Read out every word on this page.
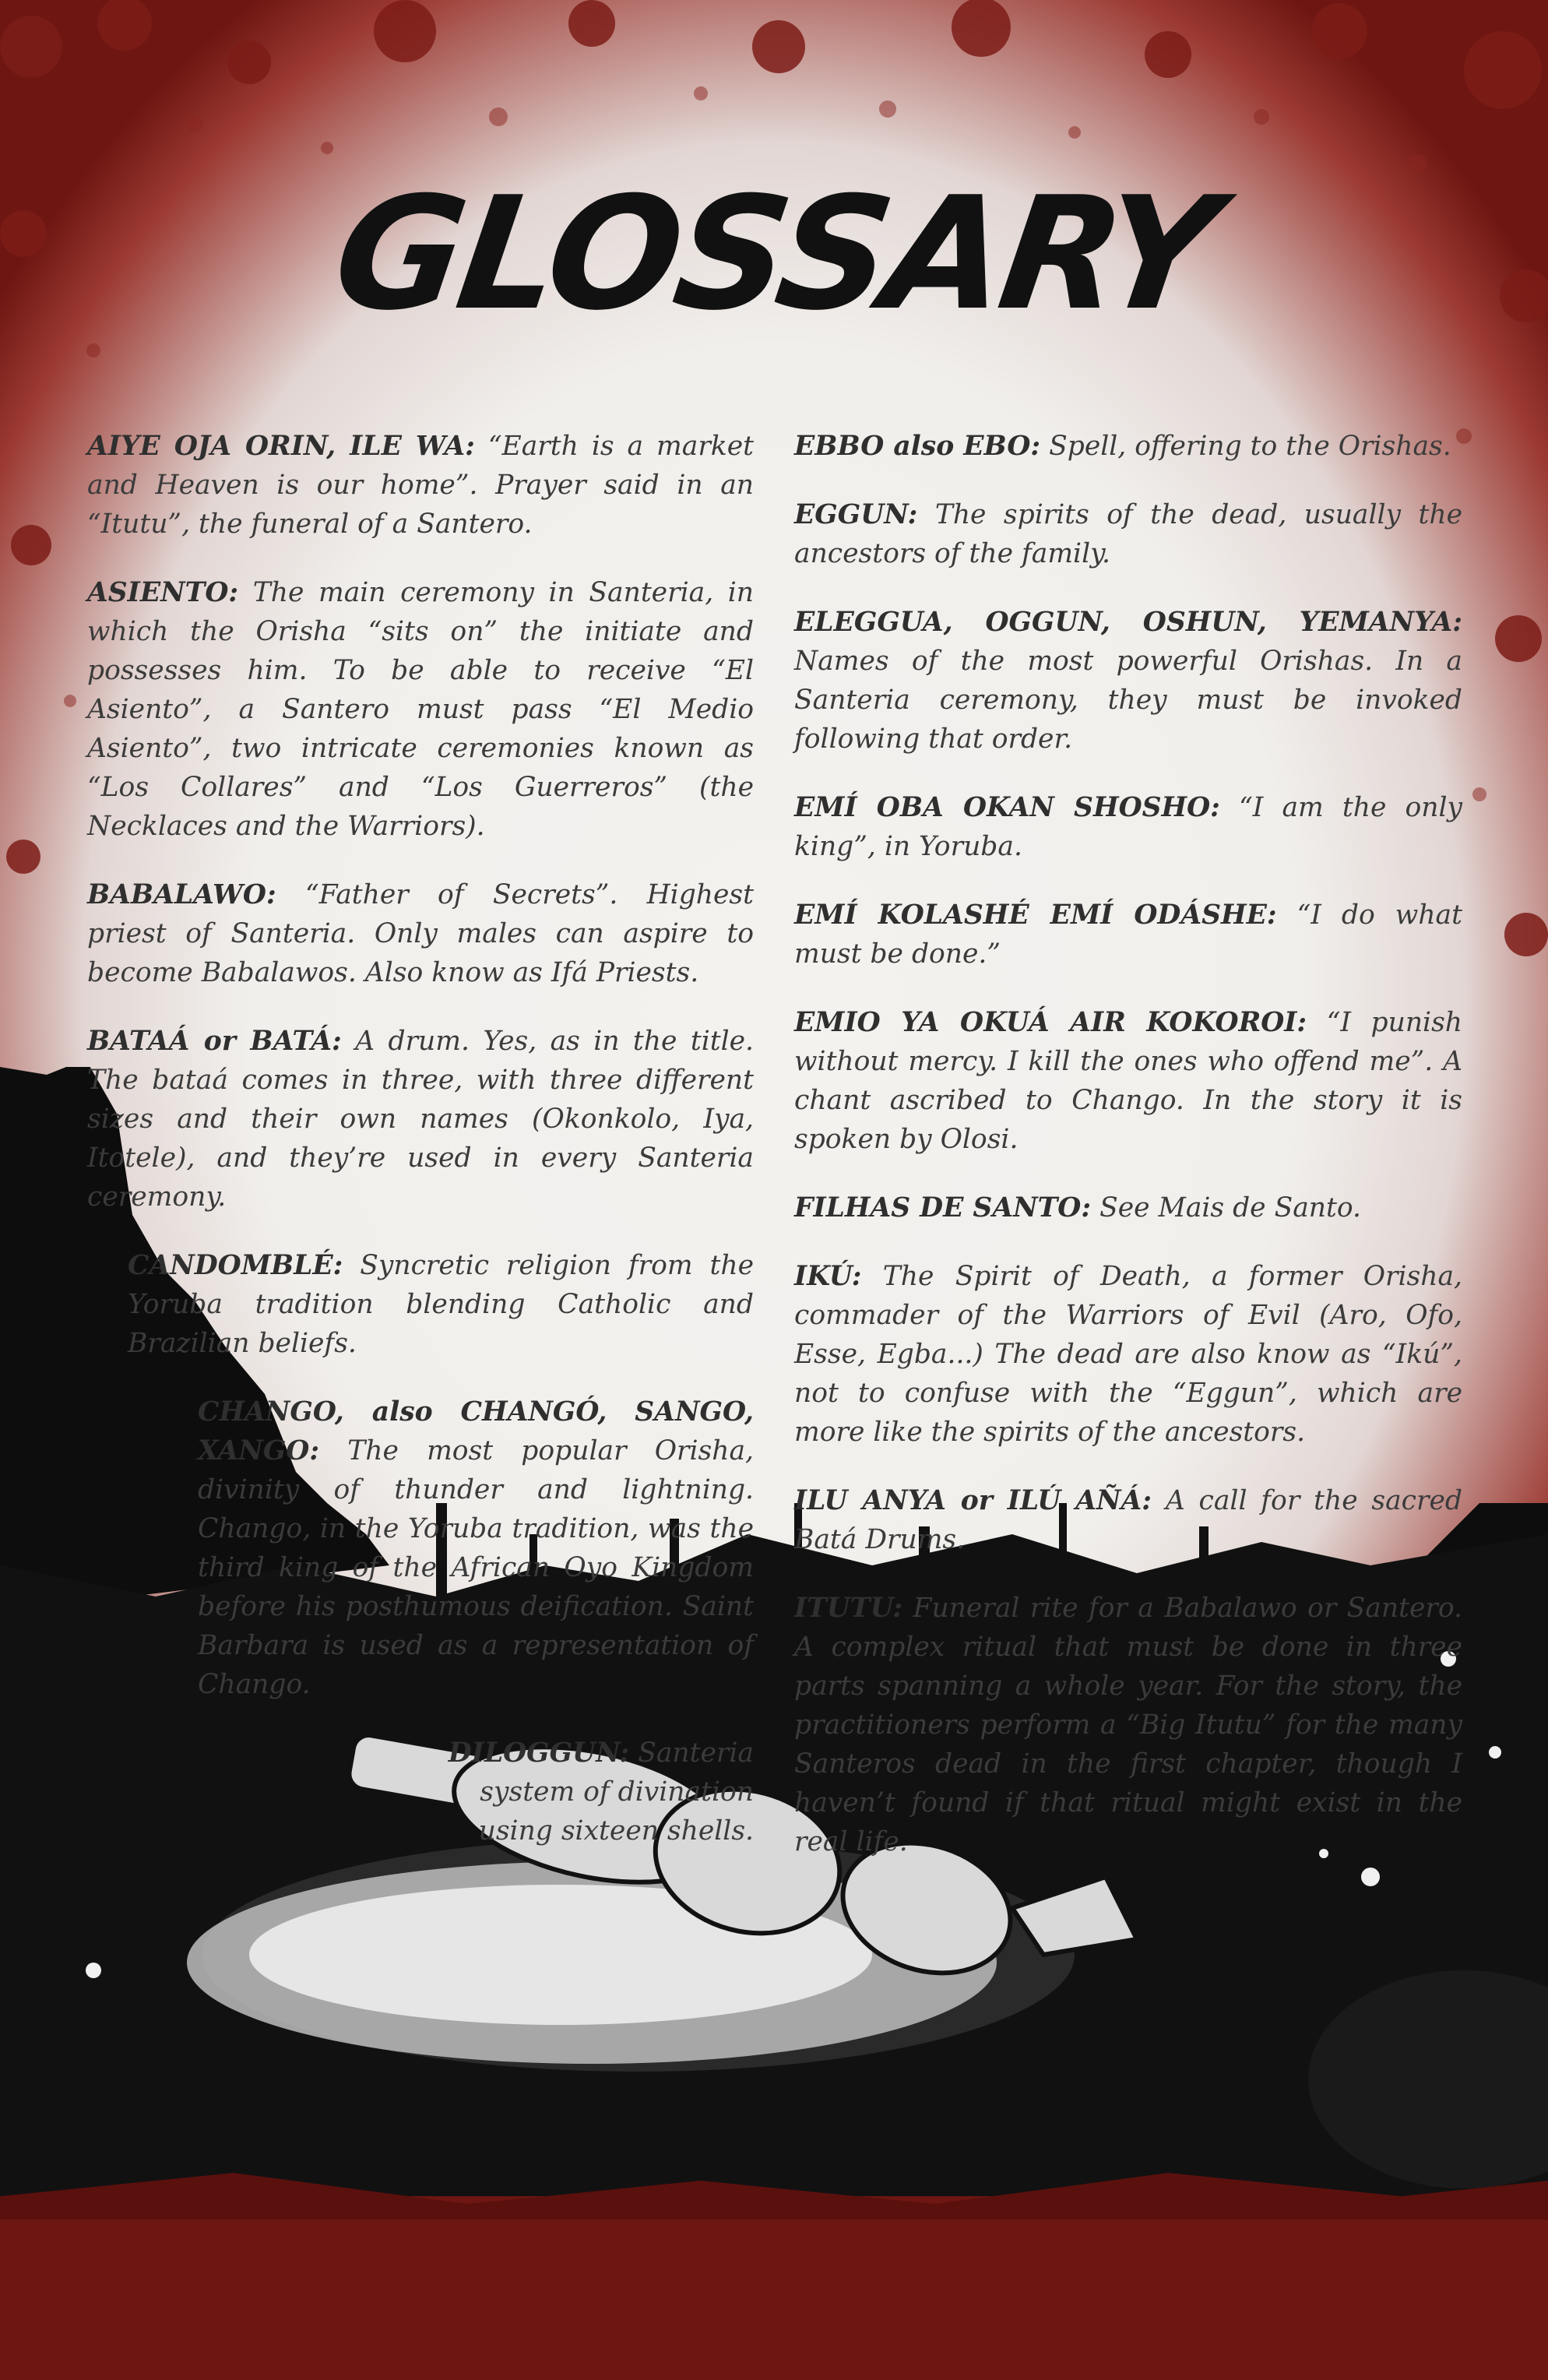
GLOSSARY

AIYE OJA ORIN, ILE WA: “Earth is a market and Heaven is our home”. Prayer said in an “Itutu”, the funeral of a Santero.

ASIENTO: The main ceremony in Santeria, in which the Orisha “sits on” the initiate and possesses him. To be able to receive “El Asiento”, a Santero must pass “El Medio Asiento”, two intricate ceremonies known as “Los Collares” and “Los Guerreros” (the Necklaces and the Warriors).

BABALAWO: “Father of Secrets”. Highest priest of Santeria. Only males can aspire to become Babalawos. Also know as Ifá Priests.

BATAÁ or BATÁ: A drum. Yes, as in the title. The bataá comes in three, with three different sizes and their own names (Okonkolo, Iya, Itotele), and they’re used in every Santeria ceremony.

CANDOMBLÉ: Syncretic religion from the Yoruba tradition blending Catholic and Brazilian beliefs.

CHANGO, also CHANGÓ, SANGO, XANGO: The most popular Orisha, divinity of thunder and lightning. Chango, in the Yoruba tradition, was the third king of the African Oyo Kingdom before his posthumous deification. Saint Barbara is used as a representation of Chango.

DILOGGUN: Santeria
system of divination
using sixteen shells.

EBBO also EBO: Spell, offering to the Orishas.

EGGUN: The spirits of the dead, usually the ancestors of the family.

ELEGGUA, OGGUN, OSHUN, YEMANYA: Names of the most powerful Orishas. In a Santeria ceremony, they must be invoked following that order.

EMÍ OBA OKAN SHOSHO: “I am the only king”, in Yoruba.

EMÍ KOLASHÉ EMÍ ODÁSHE: “I do what must be done.”

EMIO YA OKUÁ AIR KOKOROI: “I punish without mercy. I kill the ones who offend me”. A chant ascribed to Chango. In the story it is spoken by Olosi.

FILHAS DE SANTO: See Mais de Santo.

IKÚ: The Spirit of Death, a former Orisha, commader of the Warriors of Evil (Aro, Ofo, Esse, Egba...) The dead are also know as “Ikú”, not to confuse with the “Eggun”, which are more like the spirits of the ancestors.

ILU ANYA or ILÚ AÑÁ: A call for the sacred Batá Drums.

ITUTU: Funeral rite for a Babalawo or Santero. A complex ritual that must be done in three parts spanning a whole year. For the story, the practitioners perform a “Big Itutu” for the many Santeros dead in the first chapter, though I haven’t found if that ritual might exist in the real life.
